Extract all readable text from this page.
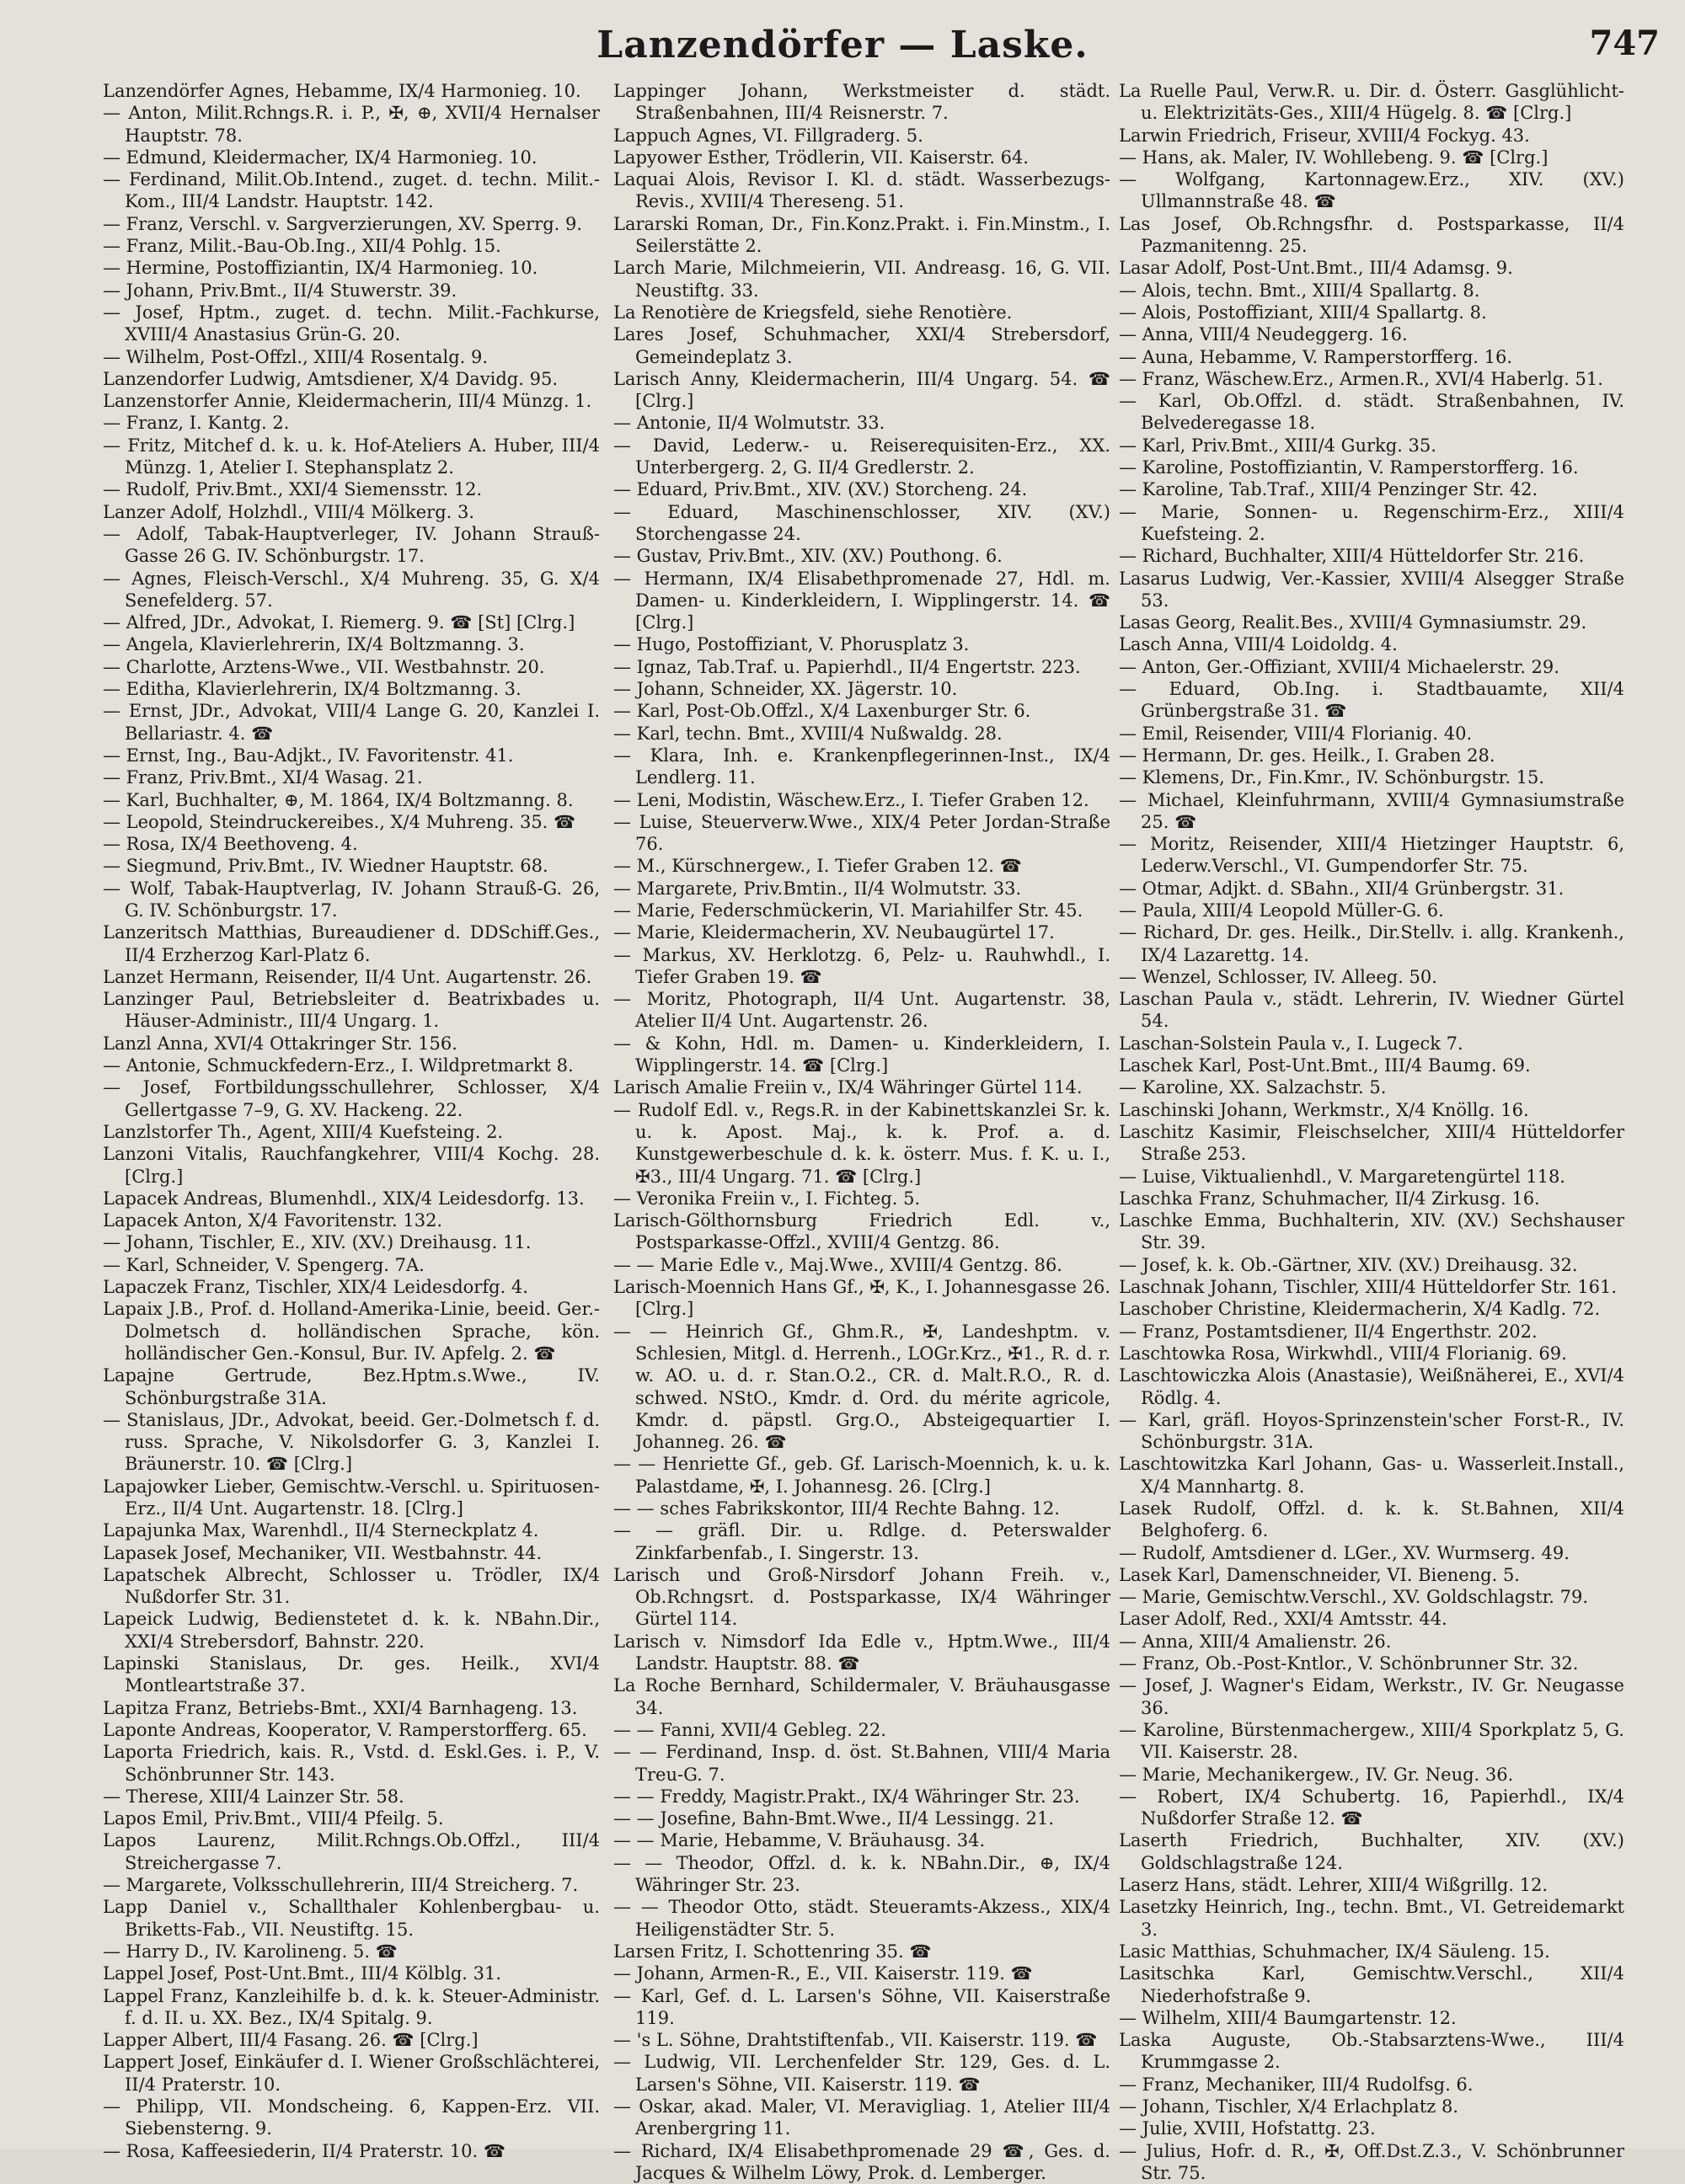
Lanzendörfer — Laske.	747
Lanzendörfer Agnes, Hebamme, IX/4 Harmonieg. 10.
— Anton, Milit.Rchngs.R. i. P., ✠, ⊕, XVII/4 Hernalser Hauptstr. 78.
— Edmund, Kleidermacher, IX/4 Harmonieg. 10.
— Ferdinand, Milit.Ob.Intend., zuget. d. techn. Milit.-Kom., III/4 Landstr. Hauptstr. 142.
— Franz, Verschl. v. Sargverzierungen, XV. Sperrg. 9.
— Franz, Milit.-Bau-Ob.Ing., XII/4 Pohlg. 15.
— Hermine, Postoffiziantin, IX/4 Harmonieg. 10.
— Johann, Priv.Bmt., II/4 Stuwerstr. 39.
— Josef, Hptm., zuget. d. techn. Milit.-Fachkurse, XVIII/4 Anastasius Grün-G. 20.
— Wilhelm, Post-Offzl., XIII/4 Rosentalg. 9.
Lanzendorfer Ludwig, Amtsdiener, X/4 Davidg. 95.
Lanzenstorfer Annie, Kleidermacherin, III/4 Münzg. 1.
— Franz, I. Kantg. 2.
— Fritz, Mitchef d. k. u. k. Hof-Ateliers A. Huber, III/4 Münzg. 1, Atelier I. Stephansplatz 2.
— Rudolf, Priv.Bmt., XXI/4 Siemensstr. 12.
Lanzer Adolf, Holzhdl., VIII/4 Mölkerg. 3.
— Adolf, Tabak-Hauptverleger, IV. Johann Strauß-Gasse 26 G. IV. Schönburgstr. 17.
— Agnes, Fleisch-Verschl., X/4 Muhreng. 35, G. X/4 Senefelderg. 57.
— Alfred, JDr., Advokat, I. Riemerg. 9. ☎ [St] [Clrg.]
— Angela, Klavierlehrerin, IX/4 Boltzmanng. 3.
— Charlotte, Arztens-Wwe., VII. Westbahnstr. 20.
— Editha, Klavierlehrerin, IX/4 Boltzmanng. 3.
— Ernst, JDr., Advokat, VIII/4 Lange G. 20, Kanzlei I. Bellariastr. 4. ☎
— Ernst, Ing., Bau-Adjkt., IV. Favoritenstr. 41.
— Franz, Priv.Bmt., XI/4 Wasag. 21.
— Karl, Buchhalter, ⊕, M. 1864, IX/4 Boltzmanng. 8.
— Leopold, Steindruckereibes., X/4 Muhreng. 35. ☎
— Rosa, IX/4 Beethoveng. 4.
— Siegmund, Priv.Bmt., IV. Wiedner Hauptstr. 68.
— Wolf, Tabak-Hauptverlag, IV. Johann Strauß-G. 26, G. IV. Schönburgstr. 17.
Lanzeritsch Matthias, Bureaudiener d. DDSchiff.Ges., II/4 Erzherzog Karl-Platz 6.
Lanzet Hermann, Reisender, II/4 Unt. Augartenstr. 26.
Lanzinger Paul, Betriebsleiter d. Beatrixbades u. Häuser-Administr., III/4 Ungarg. 1.
Lanzl Anna, XVI/4 Ottakringer Str. 156.
— Antonie, Schmuckfedern-Erz., I. Wildpretmarkt 8.
— Josef, Fortbildungsschullehrer, Schlosser, X/4 Gellertgasse 7–9, G. XV. Hackeng. 22.
Lanzlstorfer Th., Agent, XIII/4 Kuefsteing. 2.
Lanzoni Vitalis, Rauchfangkehrer, VIII/4 Kochg. 28. [Clrg.]
Lapacek Andreas, Blumenhdl., XIX/4 Leidesdorfg. 13.
Lapacek Anton, X/4 Favoritenstr. 132.
— Johann, Tischler, E., XIV. (XV.) Dreihausg. 11.
— Karl, Schneider, V. Spengerg. 7A.
Lapaczek Franz, Tischler, XIX/4 Leidesdorfg. 4.
Lapaix J.B., Prof. d. Holland-Amerika-Linie, beeid. Ger.-Dolmetsch d. holländischen Sprache, kön. holländischer Gen.-Konsul, Bur. IV. Apfelg. 2. ☎
Lapajne Gertrude, Bez.Hptm.s.Wwe., IV. Schönburgstraße 31A.
— Stanislaus, JDr., Advokat, beeid. Ger.-Dolmetsch f. d. russ. Sprache, V. Nikolsdorfer G. 3, Kanzlei I. Bräunerstr. 10. ☎ [Clrg.]
Lapajowker Lieber, Gemischtw.-Verschl. u. Spirituosen-Erz., II/4 Unt. Augartenstr. 18. [Clrg.]
Lapajunka Max, Warenhdl., II/4 Sterneckplatz 4.
Lapasek Josef, Mechaniker, VII. Westbahnstr. 44.
Lapatschek Albrecht, Schlosser u. Trödler, IX/4 Nußdorfer Str. 31.
Lapeick Ludwig, Bedienstetet d. k. k. NBahn.Dir., XXI/4 Strebersdorf, Bahnstr. 220.
Lapinski Stanislaus, Dr. ges. Heilk., XVI/4 Montleartstraße 37.
Lapitza Franz, Betriebs-Bmt., XXI/4 Barnhageng. 13.
Laponte Andreas, Kooperator, V. Ramperstorfferg. 65.
Laporta Friedrich, kais. R., Vstd. d. Eskl.Ges. i. P., V. Schönbrunner Str. 143.
— Therese, XIII/4 Lainzer Str. 58.
Lapos Emil, Priv.Bmt., VIII/4 Pfeilg. 5.
Lapos Laurenz, Milit.Rchngs.Ob.Offzl., III/4 Streichergasse 7.
— Margarete, Volksschullehrerin, III/4 Streicherg. 7.
Lapp Daniel v., Schallthaler Kohlenbergbau- u. Briketts-Fab., VII. Neustiftg. 15.
— Harry D., IV. Karolineng. 5. ☎
Lappel Josef, Post-Unt.Bmt., III/4 Kölblg. 31.
Lappel Franz, Kanzleihilfe b. d. k. k. Steuer-Administr. f. d. II. u. XX. Bez., IX/4 Spitalg. 9.
Lapper Albert, III/4 Fasang. 26. ☎ [Clrg.]
Lappert Josef, Einkäufer d. I. Wiener Großschlächterei, II/4 Praterstr. 10.
— Philipp, VII. Mondscheing. 6, Kappen-Erz. VII. Siebensterng. 9.
— Rosa, Kaffeesiederin, II/4 Praterstr. 10. ☎
Lappinger Johann, Werkstmeister d. städt. Straßenbahnen, III/4 Reisnerstr. 7.
Lappuch Agnes, VI. Fillgraderg. 5.
Lapyower Esther, Trödlerin, VII. Kaiserstr. 64.
Laquai Alois, Revisor I. Kl. d. städt. Wasserbezugs-Revis., XVIII/4 Thereseng. 51.
Lararski Roman, Dr., Fin.Konz.Prakt. i. Fin.Minstm., I. Seilerstätte 2.
Larch Marie, Milchmeierin, VII. Andreasg. 16, G. VII. Neustiftg. 33.
La Renotière de Kriegsfeld, siehe Renotière.
Lares Josef, Schuhmacher, XXI/4 Strebersdorf, Gemeindeplatz 3.
Larisch Anny, Kleidermacherin, III/4 Ungarg. 54. ☎ [Clrg.]
— Antonie, II/4 Wolmutstr. 33.
— David, Lederw.- u. Reiserequisiten-Erz., XX. Unterbergerg. 2, G. II/4 Gredlerstr. 2.
— Eduard, Priv.Bmt., XIV. (XV.) Storcheng. 24.
— Eduard, Maschinenschlosser, XIV. (XV.) Storchengasse 24.
— Gustav, Priv.Bmt., XIV. (XV.) Pouthong. 6.
— Hermann, IX/4 Elisabethpromenade 27, Hdl. m. Damen- u. Kinderkleidern, I. Wipplingerstr. 14. ☎ [Clrg.]
— Hugo, Postoffiziant, V. Phorusplatz 3.
— Ignaz, Tab.Traf. u. Papierhdl., II/4 Engertstr. 223.
— Johann, Schneider, XX. Jägerstr. 10.
— Karl, Post-Ob.Offzl., X/4 Laxenburger Str. 6.
— Karl, techn. Bmt., XVIII/4 Nußwaldg. 28.
— Klara, Inh. e. Krankenpflegerinnen-Inst., IX/4 Lendlerg. 11.
— Leni, Modistin, Wäschew.Erz., I. Tiefer Graben 12.
— Luise, Steuerverw.Wwe., XIX/4 Peter Jordan-Straße 76.
— M., Kürschnergew., I. Tiefer Graben 12. ☎
— Margarete, Priv.Bmtin., II/4 Wolmutstr. 33.
— Marie, Federschmückerin, VI. Mariahilfer Str. 45.
— Marie, Kleidermacherin, XV. Neubaugürtel 17.
— Markus, XV. Herklotzg. 6, Pelz- u. Rauhwhdl., I. Tiefer Graben 19. ☎
— Moritz, Photograph, II/4 Unt. Augartenstr. 38, Atelier II/4 Unt. Augartenstr. 26.
— & Kohn, Hdl. m. Damen- u. Kinderkleidern, I. Wipplingerstr. 14. ☎ [Clrg.]
Larisch Amalie Freiin v., IX/4 Währinger Gürtel 114.
— Rudolf Edl. v., Regs.R. in der Kabinettskanzlei Sr. k. u. k. Apost. Maj., k. k. Prof. a. d. Kunstgewerbeschule d. k. k. österr. Mus. f. K. u. I., ✠3., III/4 Ungarg. 71. ☎ [Clrg.]
— Veronika Freiin v., I. Fichteg. 5.
Larisch-Gölthornsburg Friedrich Edl. v., Postsparkasse-Offzl., XVIII/4 Gentzg. 86.
— — Marie Edle v., Maj.Wwe., XVIII/4 Gentzg. 86.
Larisch-Moennich Hans Gf., ✠, K., I. Johannesgasse 26. [Clrg.]
— — Heinrich Gf., Ghm.R., ✠, Landeshptm. v. Schlesien, Mitgl. d. Herrenh., LOGr.Krz., ✠1., R. d. r. w. AO. u. d. r. Stan.O.2., CR. d. Malt.R.O., R. d. schwed. NStO., Kmdr. d. Ord. du mérite agricole, Kmdr. d. päpstl. Grg.O., Absteigequartier I. Johanneg. 26. ☎
— — Henriette Gf., geb. Gf. Larisch-Moennich, k. u. k. Palastdame, ✠, I. Johannesg. 26. [Clrg.]
— — sches Fabrikskontor, III/4 Rechte Bahng. 12.
— — gräfl. Dir. u. Rdlge. d. Peterswalder Zinkfarbenfab., I. Singerstr. 13.
Larisch und Groß-Nirsdorf Johann Freih. v., Ob.Rchngsrt. d. Postsparkasse, IX/4 Währinger Gürtel 114.
Larisch v. Nimsdorf Ida Edle v., Hptm.Wwe., III/4 Landstr. Hauptstr. 88. ☎
La Roche Bernhard, Schildermaler, V. Bräuhausgasse 34.
— — Fanni, XVII/4 Gebleg. 22.
— — Ferdinand, Insp. d. öst. St.Bahnen, VIII/4 Maria Treu-G. 7.
— — Freddy, Magistr.Prakt., IX/4 Währinger Str. 23.
— — Josefine, Bahn-Bmt.Wwe., II/4 Lessingg. 21.
— — Marie, Hebamme, V. Bräuhausg. 34.
— — Theodor, Offzl. d. k. k. NBahn.Dir., ⊕, IX/4 Währinger Str. 23.
— — Theodor Otto, städt. Steueramts-Akzess., XIX/4 Heiligenstädter Str. 5.
Larsen Fritz, I. Schottenring 35. ☎
— Johann, Armen-R., E., VII. Kaiserstr. 119. ☎
— Karl, Gef. d. L. Larsen's Söhne, VII. Kaiserstraße 119.
— 's L. Söhne, Drahtstiftenfab., VII. Kaiserstr. 119. ☎
— Ludwig, VII. Lerchenfelder Str. 129, Ges. d. L. Larsen's Söhne, VII. Kaiserstr. 119. ☎
— Oskar, akad. Maler, VI. Meravigliag. 1, Atelier III/4 Arenbergring 11.
— Richard, IX/4 Elisabethpromenade 29 ☎, Ges. d. Jacques & Wilhelm Löwy, Prok. d. Lemberger.
La Ruelle Paul, Verw.R. u. Dir. d. Österr. Gasglühlicht- u. Elektrizitäts-Ges., XIII/4 Hügelg. 8. ☎ [Clrg.]
Larwin Friedrich, Friseur, XVIII/4 Fockyg. 43.
— Hans, ak. Maler, IV. Wohllebeng. 9. ☎ [Clrg.]
— Wolfgang, Kartonnagew.Erz., XIV. (XV.) Ullmannstraße 48. ☎
Las Josef, Ob.Rchngsfhr. d. Postsparkasse, II/4 Pazmanitenng. 25.
Lasar Adolf, Post-Unt.Bmt., III/4 Adamsg. 9.
— Alois, techn. Bmt., XIII/4 Spallartg. 8.
— Alois, Postoffiziant, XIII/4 Spallartg. 8.
— Anna, VIII/4 Neudeggerg. 16.
— Auna, Hebamme, V. Ramperstorfferg. 16.
— Franz, Wäschew.Erz., Armen.R., XVI/4 Haberlg. 51.
— Karl, Ob.Offzl. d. städt. Straßenbahnen, IV. Belvederegasse 18.
— Karl, Priv.Bmt., XIII/4 Gurkg. 35.
— Karoline, Postoffiziantin, V. Ramperstorfferg. 16.
— Karoline, Tab.Traf., XIII/4 Penzinger Str. 42.
— Marie, Sonnen- u. Regenschirm-Erz., XIII/4 Kuefsteing. 2.
— Richard, Buchhalter, XIII/4 Hütteldorfer Str. 216.
Lasarus Ludwig, Ver.-Kassier, XVIII/4 Alsegger Straße 53.
Lasas Georg, Realit.Bes., XVIII/4 Gymnasiumstr. 29.
Lasch Anna, VIII/4 Loidoldg. 4.
— Anton, Ger.-Offiziant, XVIII/4 Michaelerstr. 29.
— Eduard, Ob.Ing. i. Stadtbauamte, XII/4 Grünbergstraße 31. ☎
— Emil, Reisender, VIII/4 Florianig. 40.
— Hermann, Dr. ges. Heilk., I. Graben 28.
— Klemens, Dr., Fin.Kmr., IV. Schönburgstr. 15.
— Michael, Kleinfuhrmann, XVIII/4 Gymnasiumstraße 25. ☎
— Moritz, Reisender, XIII/4 Hietzinger Hauptstr. 6, Lederw.Verschl., VI. Gumpendorfer Str. 75.
— Otmar, Adjkt. d. SBahn., XII/4 Grünbergstr. 31.
— Paula, XIII/4 Leopold Müller-G. 6.
— Richard, Dr. ges. Heilk., Dir.Stellv. i. allg. Krankenh., IX/4 Lazarettg. 14.
— Wenzel, Schlosser, IV. Alleeg. 50.
Laschan Paula v., städt. Lehrerin, IV. Wiedner Gürtel 54.
Laschan-Solstein Paula v., I. Lugeck 7.
Laschek Karl, Post-Unt.Bmt., III/4 Baumg. 69.
— Karoline, XX. Salzachstr. 5.
Laschinski Johann, Werkmstr., X/4 Knöllg. 16.
Laschitz Kasimir, Fleischselcher, XIII/4 Hütteldorfer Straße 253.
— Luise, Viktualienhdl., V. Margaretengürtel 118.
Laschka Franz, Schuhmacher, II/4 Zirkusg. 16.
Laschke Emma, Buchhalterin, XIV. (XV.) Sechshauser Str. 39.
— Josef, k. k. Ob.-Gärtner, XIV. (XV.) Dreihausg. 32.
Laschnak Johann, Tischler, XIII/4 Hütteldorfer Str. 161.
Laschober Christine, Kleidermacherin, X/4 Kadlg. 72.
— Franz, Postamtsdiener, II/4 Engerthstr. 202.
Laschtowka Rosa, Wirkwhdl., VIII/4 Florianig. 69.
Laschtowiczka Alois (Anastasie), Weißnäherei, E., XVI/4 Rödlg. 4.
— Karl, gräfl. Hoyos-Sprinzenstein'scher Forst-R., IV. Schönburgstr. 31A.
Laschtowitzka Karl Johann, Gas- u. Wasserleit.Install., X/4 Mannhartg. 8.
Lasek Rudolf, Offzl. d. k. k. St.Bahnen, XII/4 Belghoferg. 6.
— Rudolf, Amtsdiener d. LGer., XV. Wurmserg. 49.
Lasek Karl, Damenschneider, VI. Bieneng. 5.
— Marie, Gemischtw.Verschl., XV. Goldschlagstr. 79.
Laser Adolf, Red., XXI/4 Amtsstr. 44.
— Anna, XIII/4 Amalienstr. 26.
— Franz, Ob.-Post-Kntlor., V. Schönbrunner Str. 32.
— Josef, J. Wagner's Eidam, Werkstr., IV. Gr. Neugasse 36.
— Karoline, Bürstenmachergew., XIII/4 Sporkplatz 5, G. VII. Kaiserstr. 28.
— Marie, Mechanikergew., IV. Gr. Neug. 36.
— Robert, IX/4 Schubertg. 16, Papierhdl., IX/4 Nußdorfer Straße 12. ☎
Laserth Friedrich, Buchhalter, XIV. (XV.) Goldschlagstraße 124.
Laserz Hans, städt. Lehrer, XIII/4 Wißgrillg. 12.
Lasetzky Heinrich, Ing., techn. Bmt., VI. Getreidemarkt 3.
Lasic Matthias, Schuhmacher, IX/4 Säuleng. 15.
Lasitschka Karl, Gemischtw.Verschl., XII/4 Niederhofstraße 9.
— Wilhelm, XIII/4 Baumgartenstr. 12.
Laska Auguste, Ob.-Stabsarztens-Wwe., III/4 Krummgasse 2.
— Franz, Mechaniker, III/4 Rudolfsg. 6.
— Johann, Tischler, X/4 Erlachplatz 8.
— Julie, XVIII, Hofstattg. 23.
— Julius, Hofr. d. R., ✠, Off.Dst.Z.3., V. Schönbrunner Str. 75.
